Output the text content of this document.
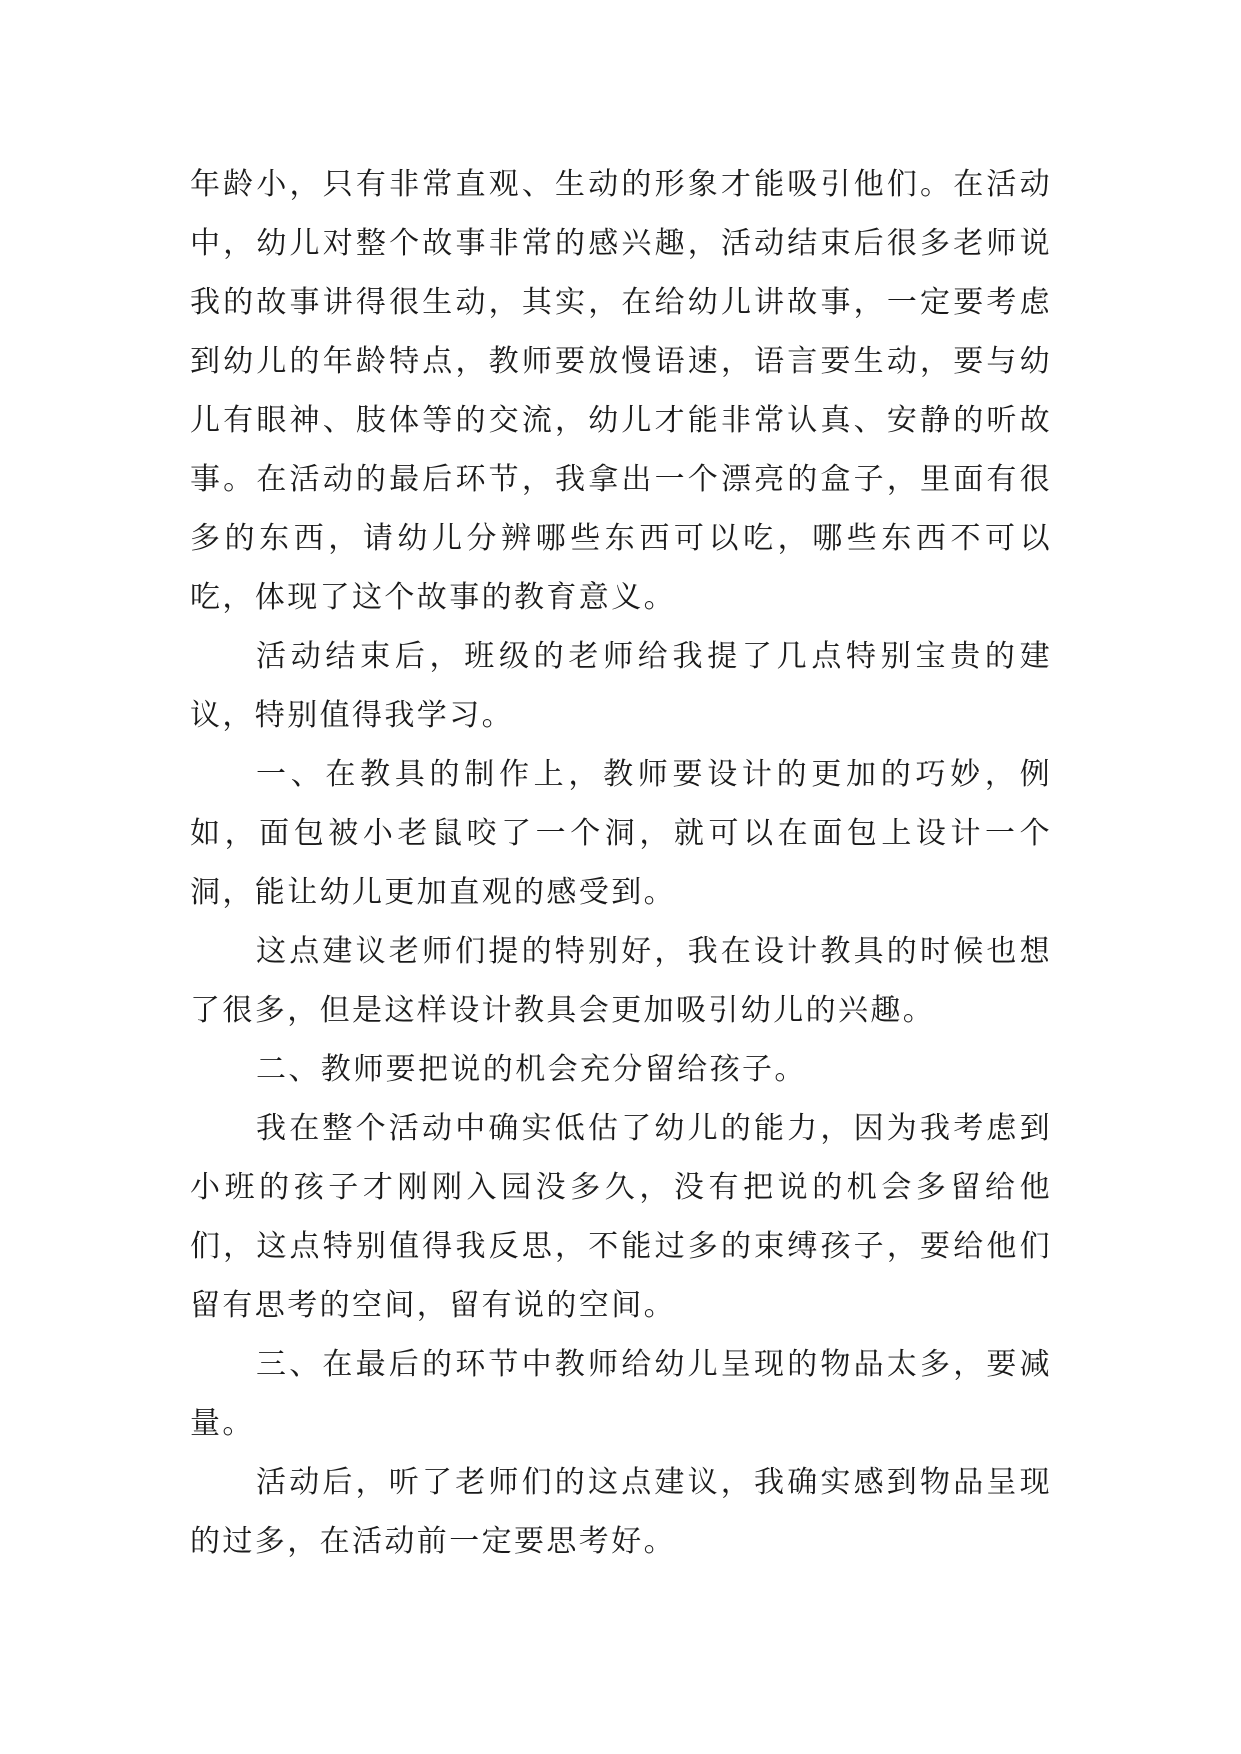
年龄小，只有非常直观、生动的形象才能吸引他们。在活动中，幼儿对整个故事非常的感兴趣，活动结束后很多老师说我的故事讲得很生动，其实，在给幼儿讲故事，一定要考虑到幼儿的年龄特点，教师要放慢语速，语言要生动，要与幼儿有眼神、肢体等的交流，幼儿才能非常认真、安静的听故事。在活动的最后环节，我拿出一个漂亮的盒子，里面有很多的东西，请幼儿分辨哪些东西可以吃，哪些东西不可以吃，体现了这个故事的教育意义。

活动结束后，班级的老师给我提了几点特别宝贵的建议，特别值得我学习。

一、在教具的制作上，教师要设计的更加的巧妙，例如，面包被小老鼠咬了一个洞，就可以在面包上设计一个洞，能让幼儿更加直观的感受到。

这点建议老师们提的特别好，我在设计教具的时候也想了很多，但是这样设计教具会更加吸引幼儿的兴趣。

二、教师要把说的机会充分留给孩子。

我在整个活动中确实低估了幼儿的能力，因为我考虑到小班的孩子才刚刚入园没多久，没有把说的机会多留给他们，这点特别值得我反思，不能过多的束缚孩子，要给他们留有思考的空间，留有说的空间。

三、在最后的环节中教师给幼儿呈现的物品太多，要减量。

活动后，听了老师们的这点建议，我确实感到物品呈现的过多，在活动前一定要思考好。
